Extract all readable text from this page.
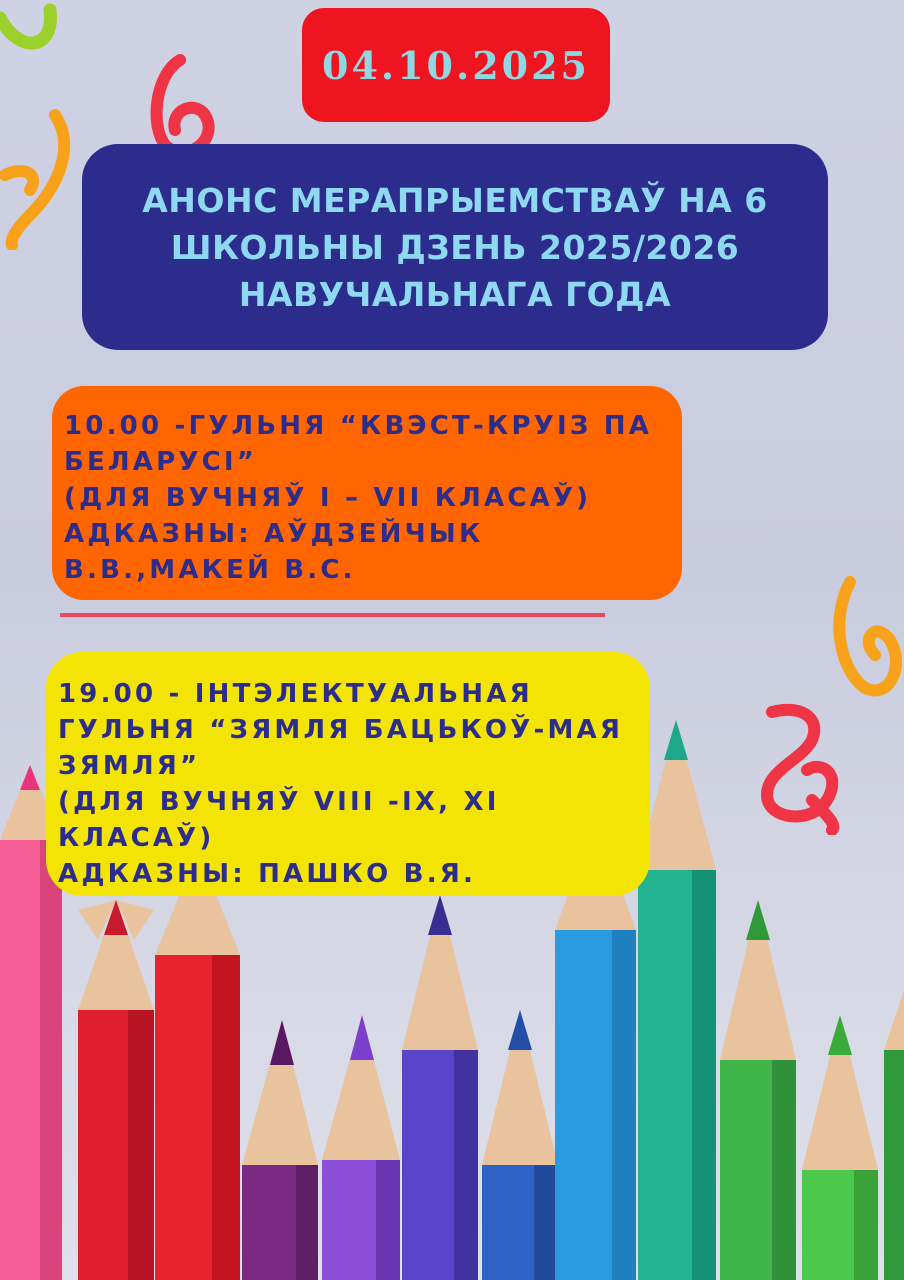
04.10.2025
АНОНС МЕРАПРЫЕМСТВАЎ НА 6
ШКОЛЬНЫ ДЗЕНЬ 2025/2026
НАВУЧАЛЬНАГА ГОДА
10.00 -ГУЛЬНЯ “КВЭСТ-КРУІЗ ПА
БЕЛАРУСІ”
(ДЛЯ ВУЧНЯЎ I – VII КЛАСАЎ)
АДКАЗНЫ: АЎДЗЕЙЧЫК
В.В.,МАКЕЙ В.С.
19.00 - ІНТЭЛЕКТУАЛЬНАЯ
ГУЛЬНЯ “ЗЯМЛЯ БАЦЬКОЎ-МАЯ
ЗЯМЛЯ”
(ДЛЯ ВУЧНЯЎ VIII -IX, XI
КЛАСАЎ)
АДКАЗНЫ: ПАШКО В.Я.
